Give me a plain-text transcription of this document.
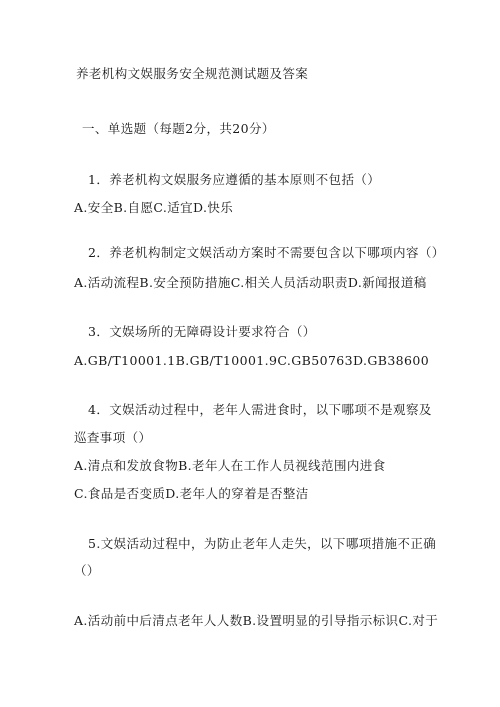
养老机构文娱服务安全规范测试题及答案
一、单选题（每题2分，共20分）
1．养老机构文娱服务应遵循的基本原则不包括（）
A.安全B.自愿C.适宜D.快乐
2．养老机构制定文娱活动方案时不需要包含以下哪项内容（）
A.活动流程B.安全预防措施C.相关人员活动职责D.新闻报道稿
3．文娱场所的无障碍设计要求符合（）
A.GB/T10001.1B.GB/T10001.9C.GB50763D.GB38600
4．文娱活动过程中，老年人需进食时，以下哪项不是观察及
巡查事项（）
A.清点和发放食物B.老年人在工作人员视线范围内进食
C.食品是否变质D.老年人的穿着是否整洁
5.文娱活动过程中，为防止老年人走失，以下哪项措施不正确
（）
A.活动前中后清点老年人人数B.设置明显的引导指示标识C.对于
